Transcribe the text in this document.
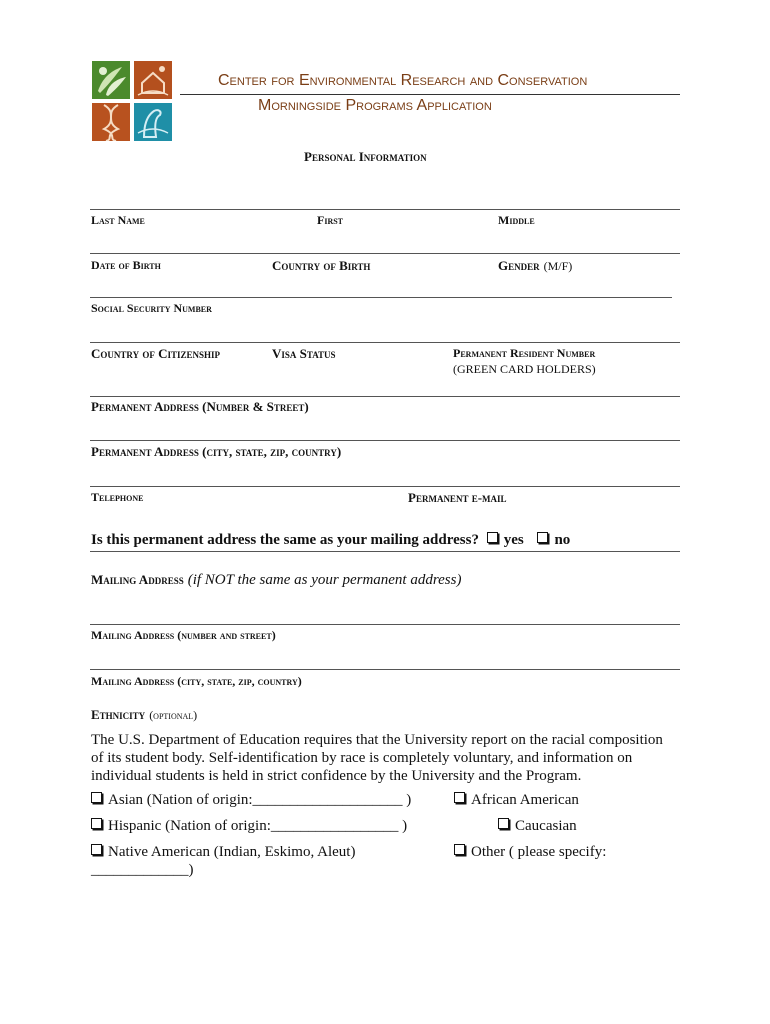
Center for Environmental Research and Conservation
Morningside Programs Application
Personal Information
Last Name	First	Middle
Date of Birth	Country of Birth	Gender (M/F)
Social Security Number
Country of Citizenship	Visa Status	Permanent Resident Number
(GREEN CARD HOLDERS)
Permanent Address (Number & Street)
Permanent Address (city, state, zip, country)
Telephone	Permanent e-mail
Is this permanent address the same as your mailing address? yes no
Mailing Address (if NOT the same as your permanent address)
Mailing Address (number and street)
Mailing Address (city, state, zip, country)
Ethnicity (optional)
The U.S. Department of Education requires that the University report on the racial composition of its student body. Self-identification by race is completely voluntary, and information on individual students is held in strict confidence by the University and the Program.
Asian (Nation of origin:____________________ )	African American
Hispanic (Nation of origin:_________________ )	Caucasian
Native American (Indian, Eskimo, Aleut)	Other ( please specify:
_____________)
